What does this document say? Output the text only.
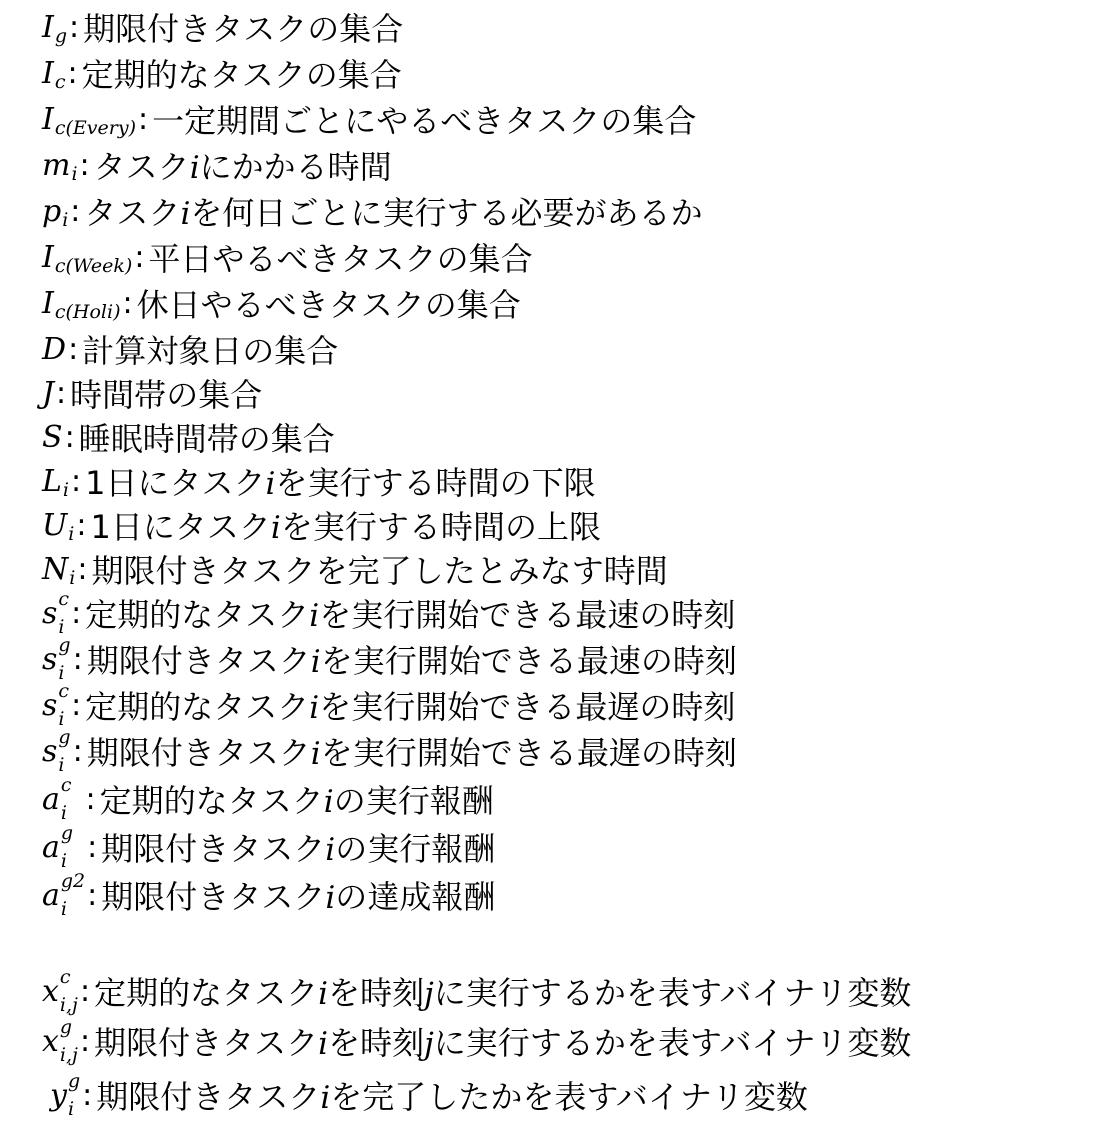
I g : 期限付きタスクの集合
I c : 定期的なタスクの集合
I c(Every) : 一定期間ごとにやるべきタスクの集合
m i : タスクiにかかる時間
p i : タスクiを何日ごとに実行する必要があるか
I c(Week) : 平日やるべきタスクの集合
I c(Holi) : 休日やるべきタスクの集合
D : 計算対象日の集合
J : 時間帯の集合
S : 睡眠時間帯の集合
L i : 1日にタスクiを実行する時間の下限
U i : 1日にタスクiを実行する時間の上限
N i : 期限付きタスクを完了したとみなす時間
s c
i : 定期的なタスクiを実行開始できる最速の時刻
s g
i : 期限付きタスクiを実行開始できる最速の時刻
s c
i : 定期的なタスクiを実行開始できる最遅の時刻
s g
i : 期限付きタスクiを実行開始できる最遅の時刻
a c
i : 定期的なタスクiの実行報酬
a g
i : 期限付きタスクiの実行報酬
a g2
i : 期限付きタスクiの達成報酬
x c
i,j : 定期的なタスクiを時刻jに実行するかを表すバイナリ変数
x g
i,j : 期限付きタスクiを時刻jに実行するかを表すバイナリ変数
y g
i : 期限付きタスクiを完了したかを表すバイナリ変数
